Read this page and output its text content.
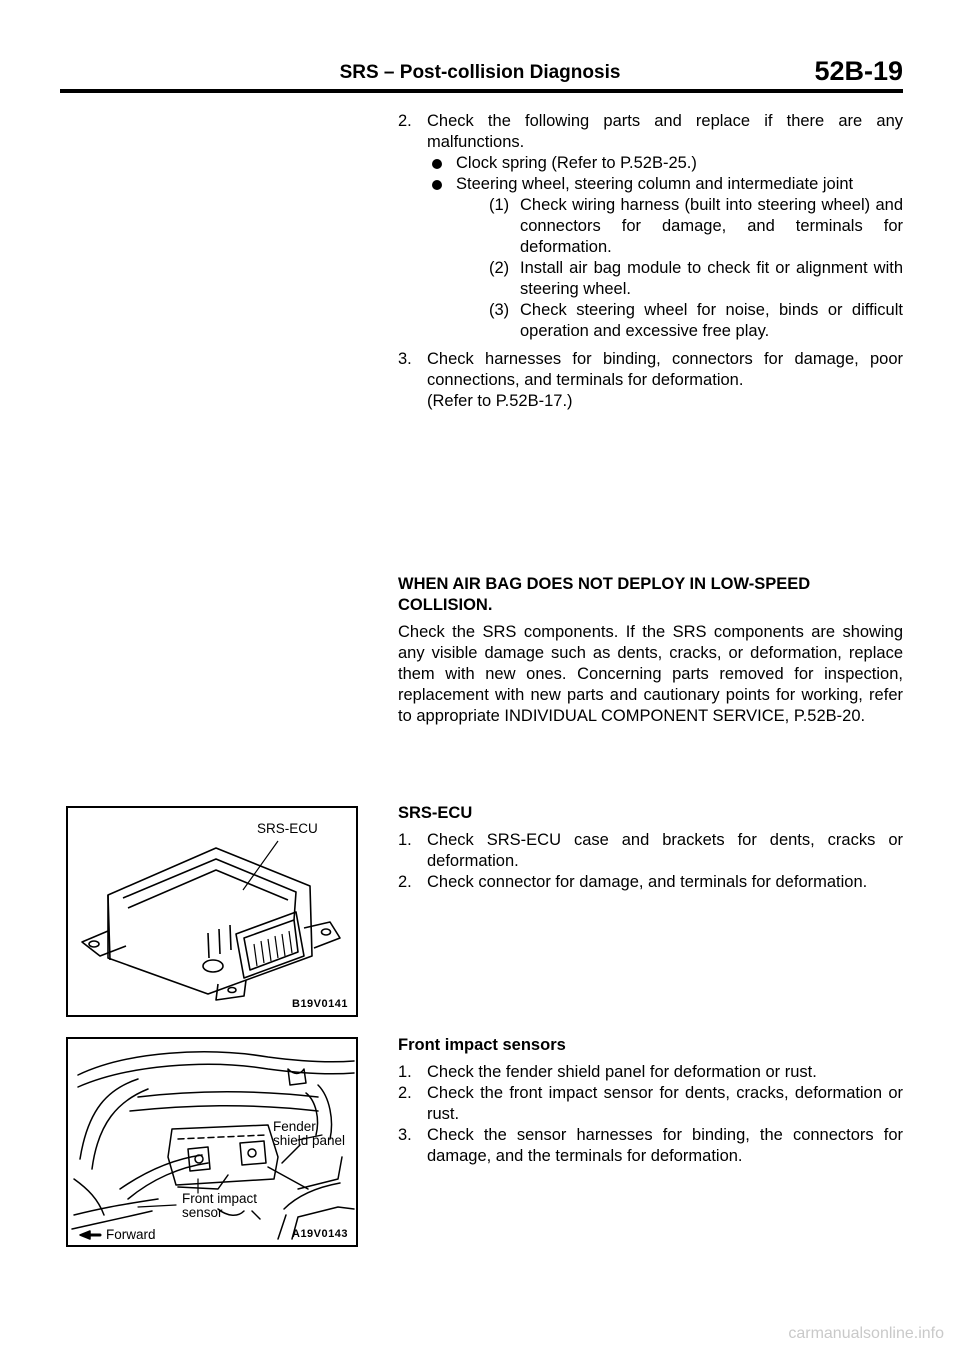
SRS – Post-collision Diagnosis	52B-19
2. Check the following parts and replace if there are any malfunctions.
Clock spring (Refer to P.52B-25.)
Steering wheel, steering column and intermediate joint
(1) Check wiring harness (built into steering wheel) and connectors for damage, and terminals for deformation.
(2) Install air bag module to check fit or alignment with steering wheel.
(3) Check steering wheel for noise, binds or difficult operation and excessive free play.
3. Check harnesses for binding, connectors for damage, poor connections, and terminals for deformation.
(Refer to P.52B-17.)
WHEN AIR BAG DOES NOT DEPLOY IN LOW-SPEED COLLISION.
Check the SRS components. If the SRS components are showing any visible damage such as dents, cracks, or deformation, replace them with new ones. Concerning parts removed for inspection, replacement with new parts and cautionary points for working, refer to appropriate INDIVIDUAL COMPONENT SERVICE, P.52B-20.
SRS-ECU
1. Check SRS-ECU case and brackets for dents, cracks or deformation.
2. Check connector for damage, and terminals for deformation.
Front impact sensors
1. Check the fender shield panel for deformation or rust.
2. Check the front impact sensor for dents, cracks, deformation or rust.
3. Check the sensor harnesses for binding, the connectors for damage, and the terminals for deformation.
SRS-ECU
B19V0141
Fender
shield panel
Front impact
sensor
Forward	A19V0143
carmanualsonline.info
